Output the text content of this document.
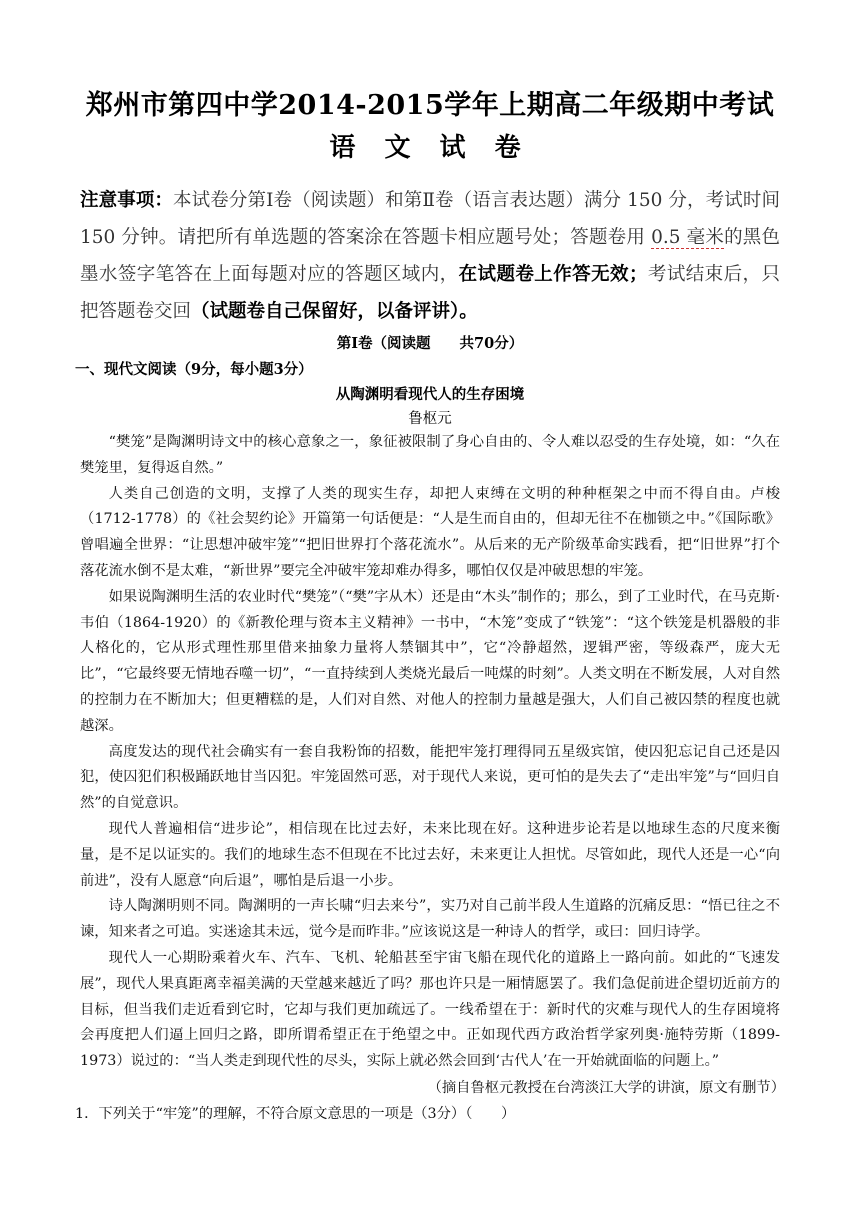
郑州市第四中学2014-2015学年上期高二年级期中考试
语 文 试 卷
注意事项：本试卷分第Ⅰ卷（阅读题）和第Ⅱ卷（语言表达题）满分 150 分，考试时间 150 分钟。请把所有单选题的答案涂在答题卡相应题号处；答题卷用 0.5 毫米的黑色墨水签字笔答在上面每题对应的答题区域内，在试题卷上作答无效；考试结束后，只把答题卷交回（试题卷自己保留好，以备评讲）。
第Ⅰ卷（阅读题　　共70分）
一、现代文阅读（9分，每小题3分）
从陶渊明看现代人的生存困境
鲁枢元

“樊笼”是陶渊明诗文中的核心意象之一，象征被限制了身心自由的、令人难以忍受的生存处境，如：“久在樊笼里，复得返自然。”

人类自己创造的文明，支撑了人类的现实生存，却把人束缚在文明的种种框架之中而不得自由。卢梭（1712-1778）的《社会契约论》开篇第一句话便是：“人是生而自由的，但却无往不在枷锁之中。”《国际歌》曾唱遍全世界：“让思想冲破牢笼”“把旧世界打个落花流水”。从后来的无产阶级革命实践看，把“旧世界”打个落花流水倒不是太难，“新世界”要完全冲破牢笼却难办得多，哪怕仅仅是冲破思想的牢笼。

如果说陶渊明生活的农业时代“樊笼”（“樊”字从木）还是由“木头”制作的；那么，到了工业时代，在马克斯·韦伯（1864-1920）的《新教伦理与资本主义精神》一书中，“木笼”变成了“铁笼”：“这个铁笼是机器般的非人格化的，它从形式理性那里借来抽象力量将人禁锢其中”，它“冷静超然，逻辑严密，等级森严，庞大无比”，“它最终要无情地吞噬一切”，“一直持续到人类烧光最后一吨煤的时刻”。人类文明在不断发展，人对自然的控制力在不断加大；但更糟糕的是，人们对自然、对他人的控制力量越是强大，人们自己被囚禁的程度也就越深。

高度发达的现代社会确实有一套自我粉饰的招数，能把牢笼打理得同五星级宾馆，使囚犯忘记自己还是囚犯，使囚犯们积极踊跃地甘当囚犯。牢笼固然可恶，对于现代人来说，更可怕的是失去了“走出牢笼”与“回归自然”的自觉意识。

现代人普遍相信“进步论”，相信现在比过去好，未来比现在好。这种进步论若是以地球生态的尺度来衡量，是不足以证实的。我们的地球生态不但现在不比过去好，未来更让人担忧。尽管如此，现代人还是一心“向前进”，没有人愿意“向后退”，哪怕是后退一小步。

诗人陶渊明则不同。陶渊明的一声长啸“归去来兮”，实乃对自己前半段人生道路的沉痛反思：“悟已往之不谏，知来者之可追。实迷途其未远，觉今是而昨非。”应该说这是一种诗人的哲学，或曰：回归诗学。

现代人一心期盼乘着火车、汽车、飞机、轮船甚至宇宙飞船在现代化的道路上一路向前。如此的“飞速发展”，现代人果真距离幸福美满的天堂越来越近了吗？那也许只是一厢情愿罢了。我们急促前进企望切近前方的目标，但当我们走近看到它时，它却与我们更加疏远了。一线希望在于：新时代的灾难与现代人的生存困境将会再度把人们逼上回归之路，即所谓希望正在于绝望之中。正如现代西方政治哲学家列奥·施特劳斯（1899-1973）说过的：“当人类走到现代性的尽头，实际上就必然会回到‘古代人’在一开始就面临的问题上。”

（摘自鲁枢元教授在台湾淡江大学的讲演，原文有删节）
1．下列关于“牢笼”的理解，不符合原文意思的一项是（3分）（　　）
